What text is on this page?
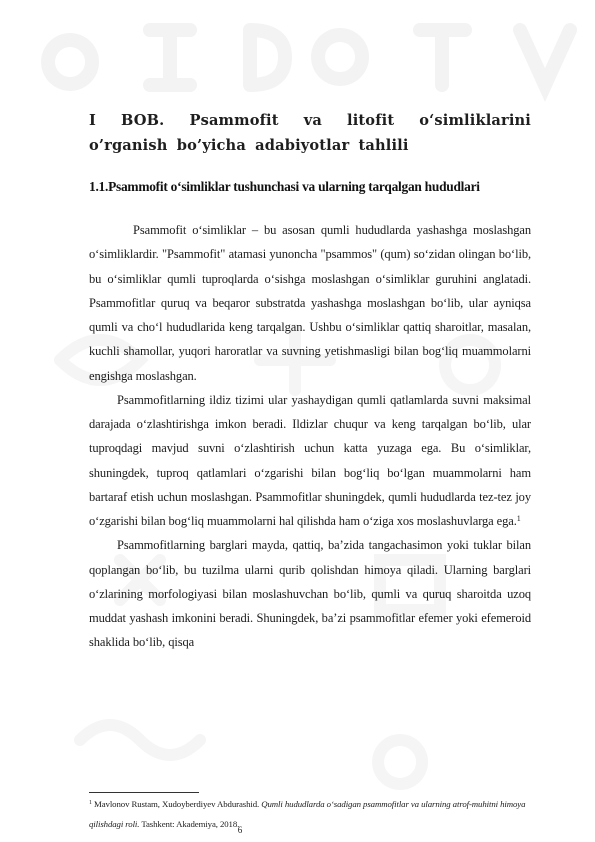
I BOB. Psammofit va litofit o‘simliklarini o’rganish bo’yicha adabiyotlar tahlili
1.1.Psammofit o‘simliklar tushunchasi va ularning tarqalgan hududlari

Psammofit o‘simliklar – bu asosan qumli hududlarda yashashga moslashgan o‘simliklardir. "Psammofit" atamasi yunoncha "psammos" (qum) so‘zidan olingan bo‘lib, bu o‘simliklar qumli tuproqlarda o‘sishga moslashgan o‘simliklar guruhini anglatadi. Psammofitlar quruq va beqaror substratda yashashga moslashgan bo‘lib, ular ayniqsa qumli va cho‘l hududlarida keng tarqalgan. Ushbu o‘simliklar qattiq sharoitlar, masalan, kuchli shamollar, yuqori haroratlar va suvning yetishmasligi bilan bog‘liq muammolarni engishga moslashgan.

Psammofitlarning ildiz tizimi ular yashaydigan qumli qatlamlarda suvni maksimal darajada o‘zlashtirishga imkon beradi. Ildizlar chuqur va keng tarqalgan bo‘lib, ular tuproqdagi mavjud suvni o‘zlashtirish uchun katta yuzaga ega. Bu o‘simliklar, shuningdek, tuproq qatlamlari o‘zgarishi bilan bog‘liq bo‘lgan muammolarni ham bartaraf etish uchun moslashgan. Psammofitlar shuningdek, qumli hududlarda tez-tez joy o‘zgarishi bilan bog‘liq muammolarni hal qilishda ham o‘ziga xos moslashuvlarga ega.$^1$

Psammofitlarning barglari mayda, qattiq, ba’zida tangachasimon yoki tuklar bilan qoplangan bo‘lib, bu tuzilma ularni qurib qolishdan himoya qiladi. Ularning barglari o‘zlarining morfologiyasi bilan moslashuvchan bo‘lib, qumli va quruq sharoitda uzoq muddat yashash imkonini beradi. Shuningdek, ba’zi psammofitlar efemer yoki efemeroid shaklida bo‘lib, qisqa

$^1$ Mavlonov Rustam, Xudoyberdiyev Abdurashid. Qumli hududlarda o‘sadigan psammofitlar va ularning atrof-muhitni himoya qilishdagi roli. Tashkent: Akademiya, 2018.
6
